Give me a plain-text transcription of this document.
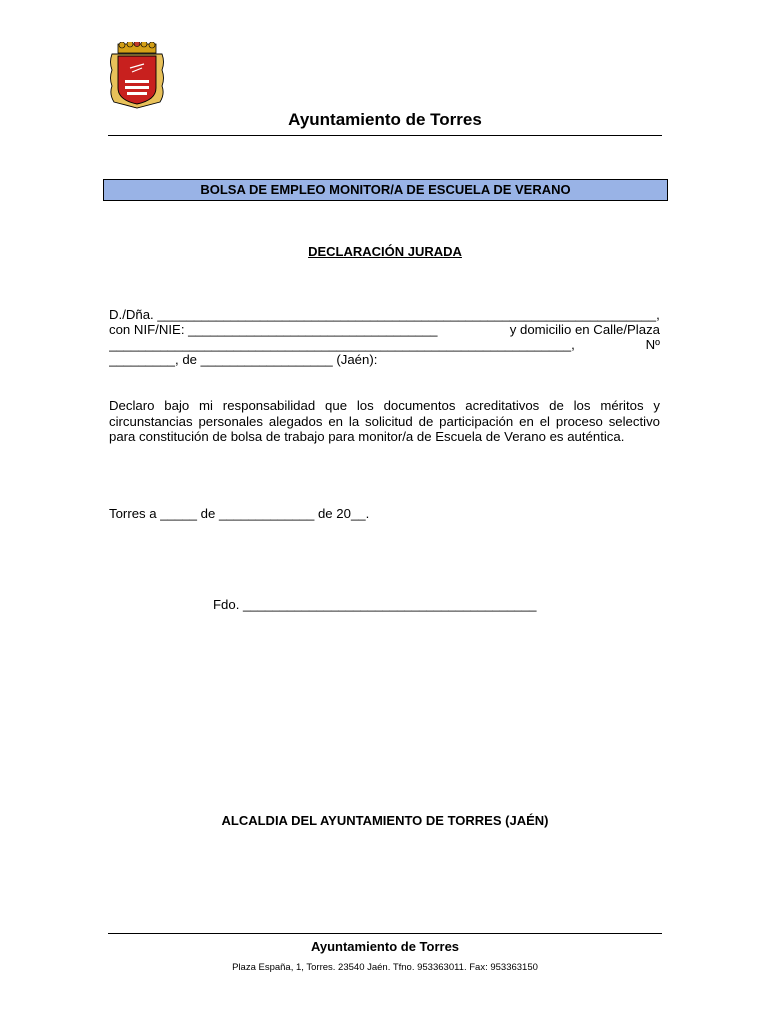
Ayuntamiento de Torres
BOLSA DE EMPLEO MONITOR/A DE ESCUELA DE VERANO
DECLARACIÓN JURADA
D./Dña. ____________________________________________________________________,
con NIF/NIE: __________________________________	y domicilio en Calle/Plaza
_______________________________________________________________,	Nº
_________, de __________________ (Jaén):
Declaro bajo mi responsabilidad que los documentos acreditativos de los méritos y circunstancias personales alegados en la solicitud de participación en el proceso selectivo para constitución de bolsa de trabajo para monitor/a de Escuela de Verano es auténtica.
Torres a _____ de _____________ de 20__.
Fdo. ________________________________________
ALCALDIA DEL AYUNTAMIENTO DE TORRES (JAÉN)
Ayuntamiento de Torres
Plaza España, 1, Torres. 23540 Jaén. Tfno. 953363011. Fax: 953363150
